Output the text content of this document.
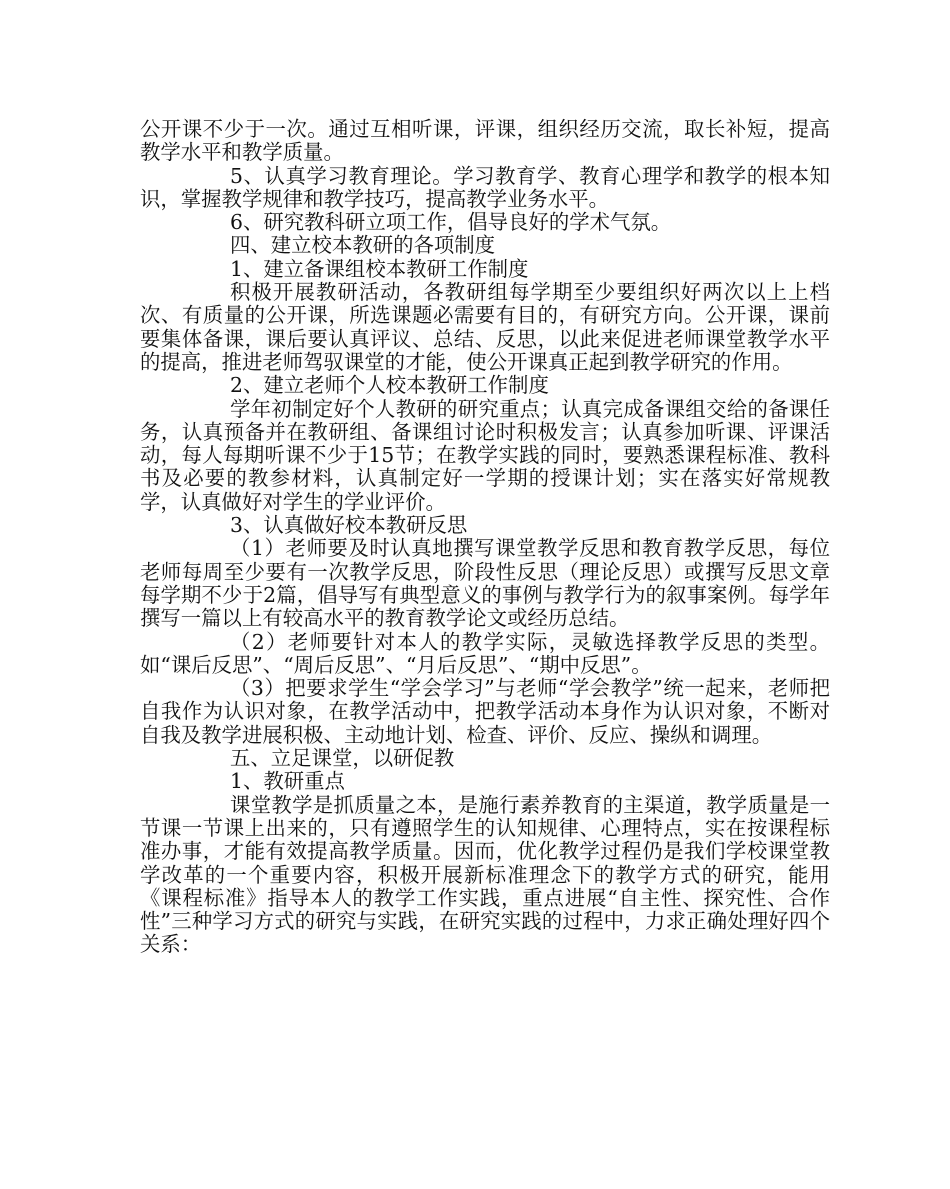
公开课不少于一次。通过互相听课，评课，组织经历交流，取长补短，提高教学水平和教学质量。

5、认真学习教育理论。学习教育学、教育心理学和教学的根本知识，掌握教学规律和教学技巧，提高教学业务水平。

6、研究教科研立项工作，倡导良好的学术气氛。

四、建立校本教研的各项制度

1、建立备课组校本教研工作制度

积极开展教研活动，各教研组每学期至少要组织好两次以上上档次、有质量的公开课，所选课题必需要有目的，有研究方向。公开课，课前要集体备课，课后要认真评议、总结、反思，以此来促进老师课堂教学水平的提高，推进老师驾驭课堂的才能，使公开课真正起到教学研究的作用。

2、建立老师个人校本教研工作制度

学年初制定好个人教研的研究重点；认真完成备课组交给的备课任务，认真预备并在教研组、备课组讨论时积极发言；认真参加听课、评课活动，每人每期听课不少于15节；在教学实践的同时，要熟悉课程标准、教科书及必要的教参材料，认真制定好一学期的授课计划；实在落实好常规教学，认真做好对学生的学业评价。

3、认真做好校本教研反思

（1）老师要及时认真地撰写课堂教学反思和教育教学反思，每位老师每周至少要有一次教学反思，阶段性反思（理论反思）或撰写反思文章每学期不少于2篇，倡导写有典型意义的事例与教学行为的叙事案例。每学年撰写一篇以上有较高水平的教育教学论文或经历总结。

（2）老师要针对本人的教学实际，灵敏选择教学反思的类型。如“课后反思”、“周后反思”、“月后反思”、“期中反思”。

（3）把要求学生“学会学习”与老师“学会教学”统一起来，老师把自我作为认识对象，在教学活动中，把教学活动本身作为认识对象，不断对自我及教学进展积极、主动地计划、检查、评价、反应、操纵和调理。

五、立足课堂，以研促教

1、教研重点

课堂教学是抓质量之本，是施行素养教育的主渠道，教学质量是一节课一节课上出来的，只有遵照学生的认知规律、心理特点，实在按课程标准办事，才能有效提高教学质量。因而，优化教学过程仍是我们学校课堂教学改革的一个重要内容，积极开展新标准理念下的教学方式的研究，能用《课程标准》指导本人的教学工作实践，重点进展“自主性、探究性、合作性”三种学习方式的研究与实践，在研究实践的过程中，力求正确处理好四个关系：
